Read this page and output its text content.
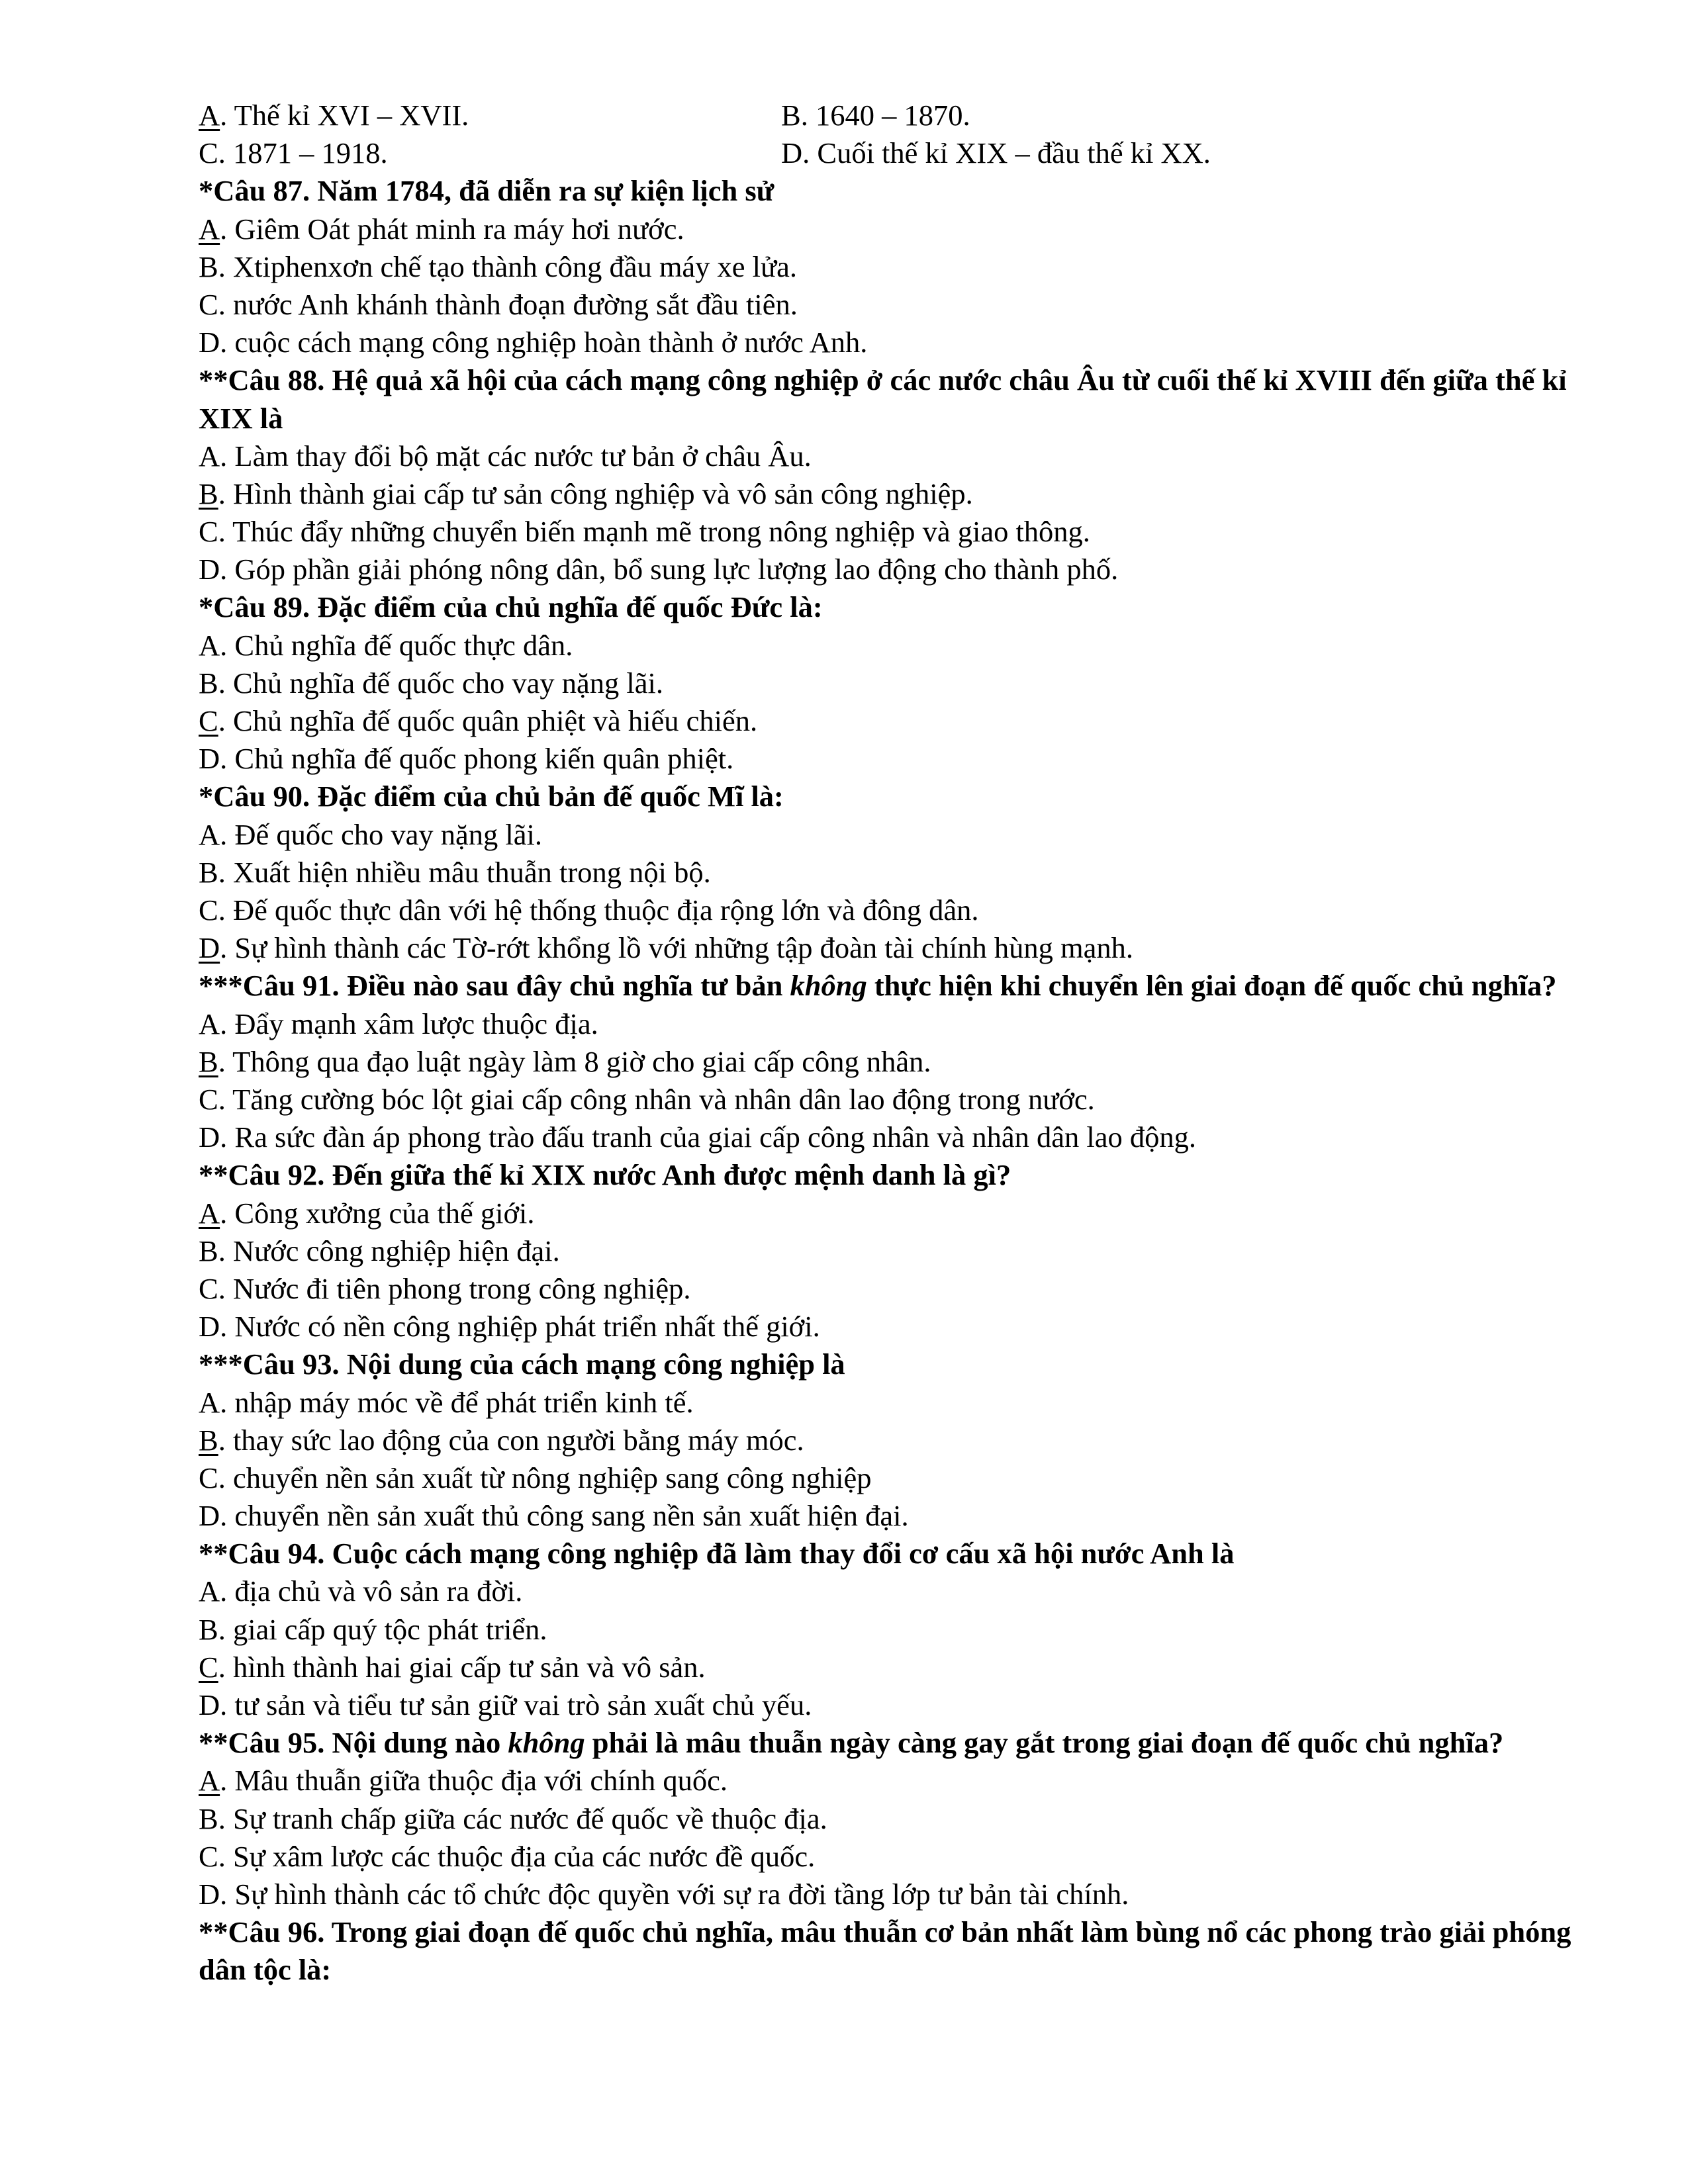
A. Thế kỉ XVI – XVII.	B. 1640 – 1870.
C. 1871 – 1918.	D. Cuối thế kỉ XIX – đầu thế kỉ XX.
*Câu 87. Năm 1784, đã diễn ra sự kiện lịch sử
A. Giêm Oát phát minh ra máy hơi nước.
B. Xtiphenxơn chế tạo thành công đầu máy xe lửa.
C. nước Anh khánh thành đoạn đường sắt đầu tiên.
D. cuộc cách mạng công nghiệp hoàn thành ở nước Anh.
**Câu 88. Hệ quả xã hội của cách mạng công nghiệp ở các nước châu Âu từ cuối thế kỉ XVIII đến giữa thế kỉ XIX là
A. Làm thay đổi bộ mặt các nước tư bản ở châu Âu.
B. Hình thành giai cấp tư sản công nghiệp và vô sản công nghiệp.
C. Thúc đẩy những chuyển biến mạnh mẽ trong nông nghiệp và giao thông.
D. Góp phần giải phóng nông dân, bổ sung lực lượng lao động cho thành phố.
*Câu 89. Đặc điểm của chủ nghĩa đế quốc Đức là:
A. Chủ nghĩa đế quốc thực dân.
B. Chủ nghĩa đế quốc cho vay nặng lãi.
C. Chủ nghĩa đế quốc quân phiệt và hiếu chiến.
D. Chủ nghĩa đế quốc phong kiến quân phiệt.
*Câu 90. Đặc điểm của chủ bản đế quốc Mĩ là:
A. Đế quốc cho vay nặng lãi.
B. Xuất hiện nhiều mâu thuẫn trong nội bộ.
C. Đế quốc thực dân với hệ thống thuộc địa rộng lớn và đông dân.
D. Sự hình thành các Tờ-rớt khổng lồ với những tập đoàn tài chính hùng mạnh.
***Câu 91. Điều nào sau đây chủ nghĩa tư bản không thực hiện khi chuyển lên giai đoạn đế quốc chủ nghĩa?
A. Đẩy mạnh xâm lược thuộc địa.
B. Thông qua đạo luật ngày làm 8 giờ cho giai cấp công nhân.
C. Tăng cường bóc lột giai cấp công nhân và nhân dân lao động trong nước.
D. Ra sức đàn áp phong trào đấu tranh của giai cấp công nhân và nhân dân lao động.
**Câu 92. Đến giữa thế kỉ XIX nước Anh được mệnh danh là gì?
A. Công xưởng của thế giới.
B. Nước công nghiệp hiện đại.
C. Nước đi tiên phong trong công nghiệp.
D. Nước có nền công nghiệp phát triển nhất thế giới.
***Câu 93. Nội dung của cách mạng công nghiệp là
A. nhập máy móc về để phát triển kinh tế.
B. thay sức lao động của con người bằng máy móc.
C. chuyển nền sản xuất từ nông nghiệp sang công nghiệp
D. chuyển nền sản xuất thủ công sang nền sản xuất hiện đại.
**Câu 94. Cuộc cách mạng công nghiệp đã làm thay đổi cơ cấu xã hội nước Anh là
A. địa chủ và vô sản ra đời.
B. giai cấp quý tộc phát triển.
C. hình thành hai giai cấp tư sản và vô sản.
D. tư sản và tiểu tư sản giữ vai trò sản xuất chủ yếu.
**Câu 95. Nội dung nào không phải là mâu thuẫn ngày càng gay gắt trong giai đoạn đế quốc chủ nghĩa?
A. Mâu thuẫn giữa thuộc địa với chính quốc.
B. Sự tranh chấp giữa các nước đế quốc về thuộc địa.
C. Sự xâm lược các thuộc địa của các nước đề quốc.
D. Sự hình thành các tổ chức độc quyền với sự ra đời tầng lớp tư bản tài chính.
**Câu 96. Trong giai đoạn đế quốc chủ nghĩa, mâu thuẫn cơ bản nhất làm bùng nổ các phong trào giải phóng dân tộc là:
